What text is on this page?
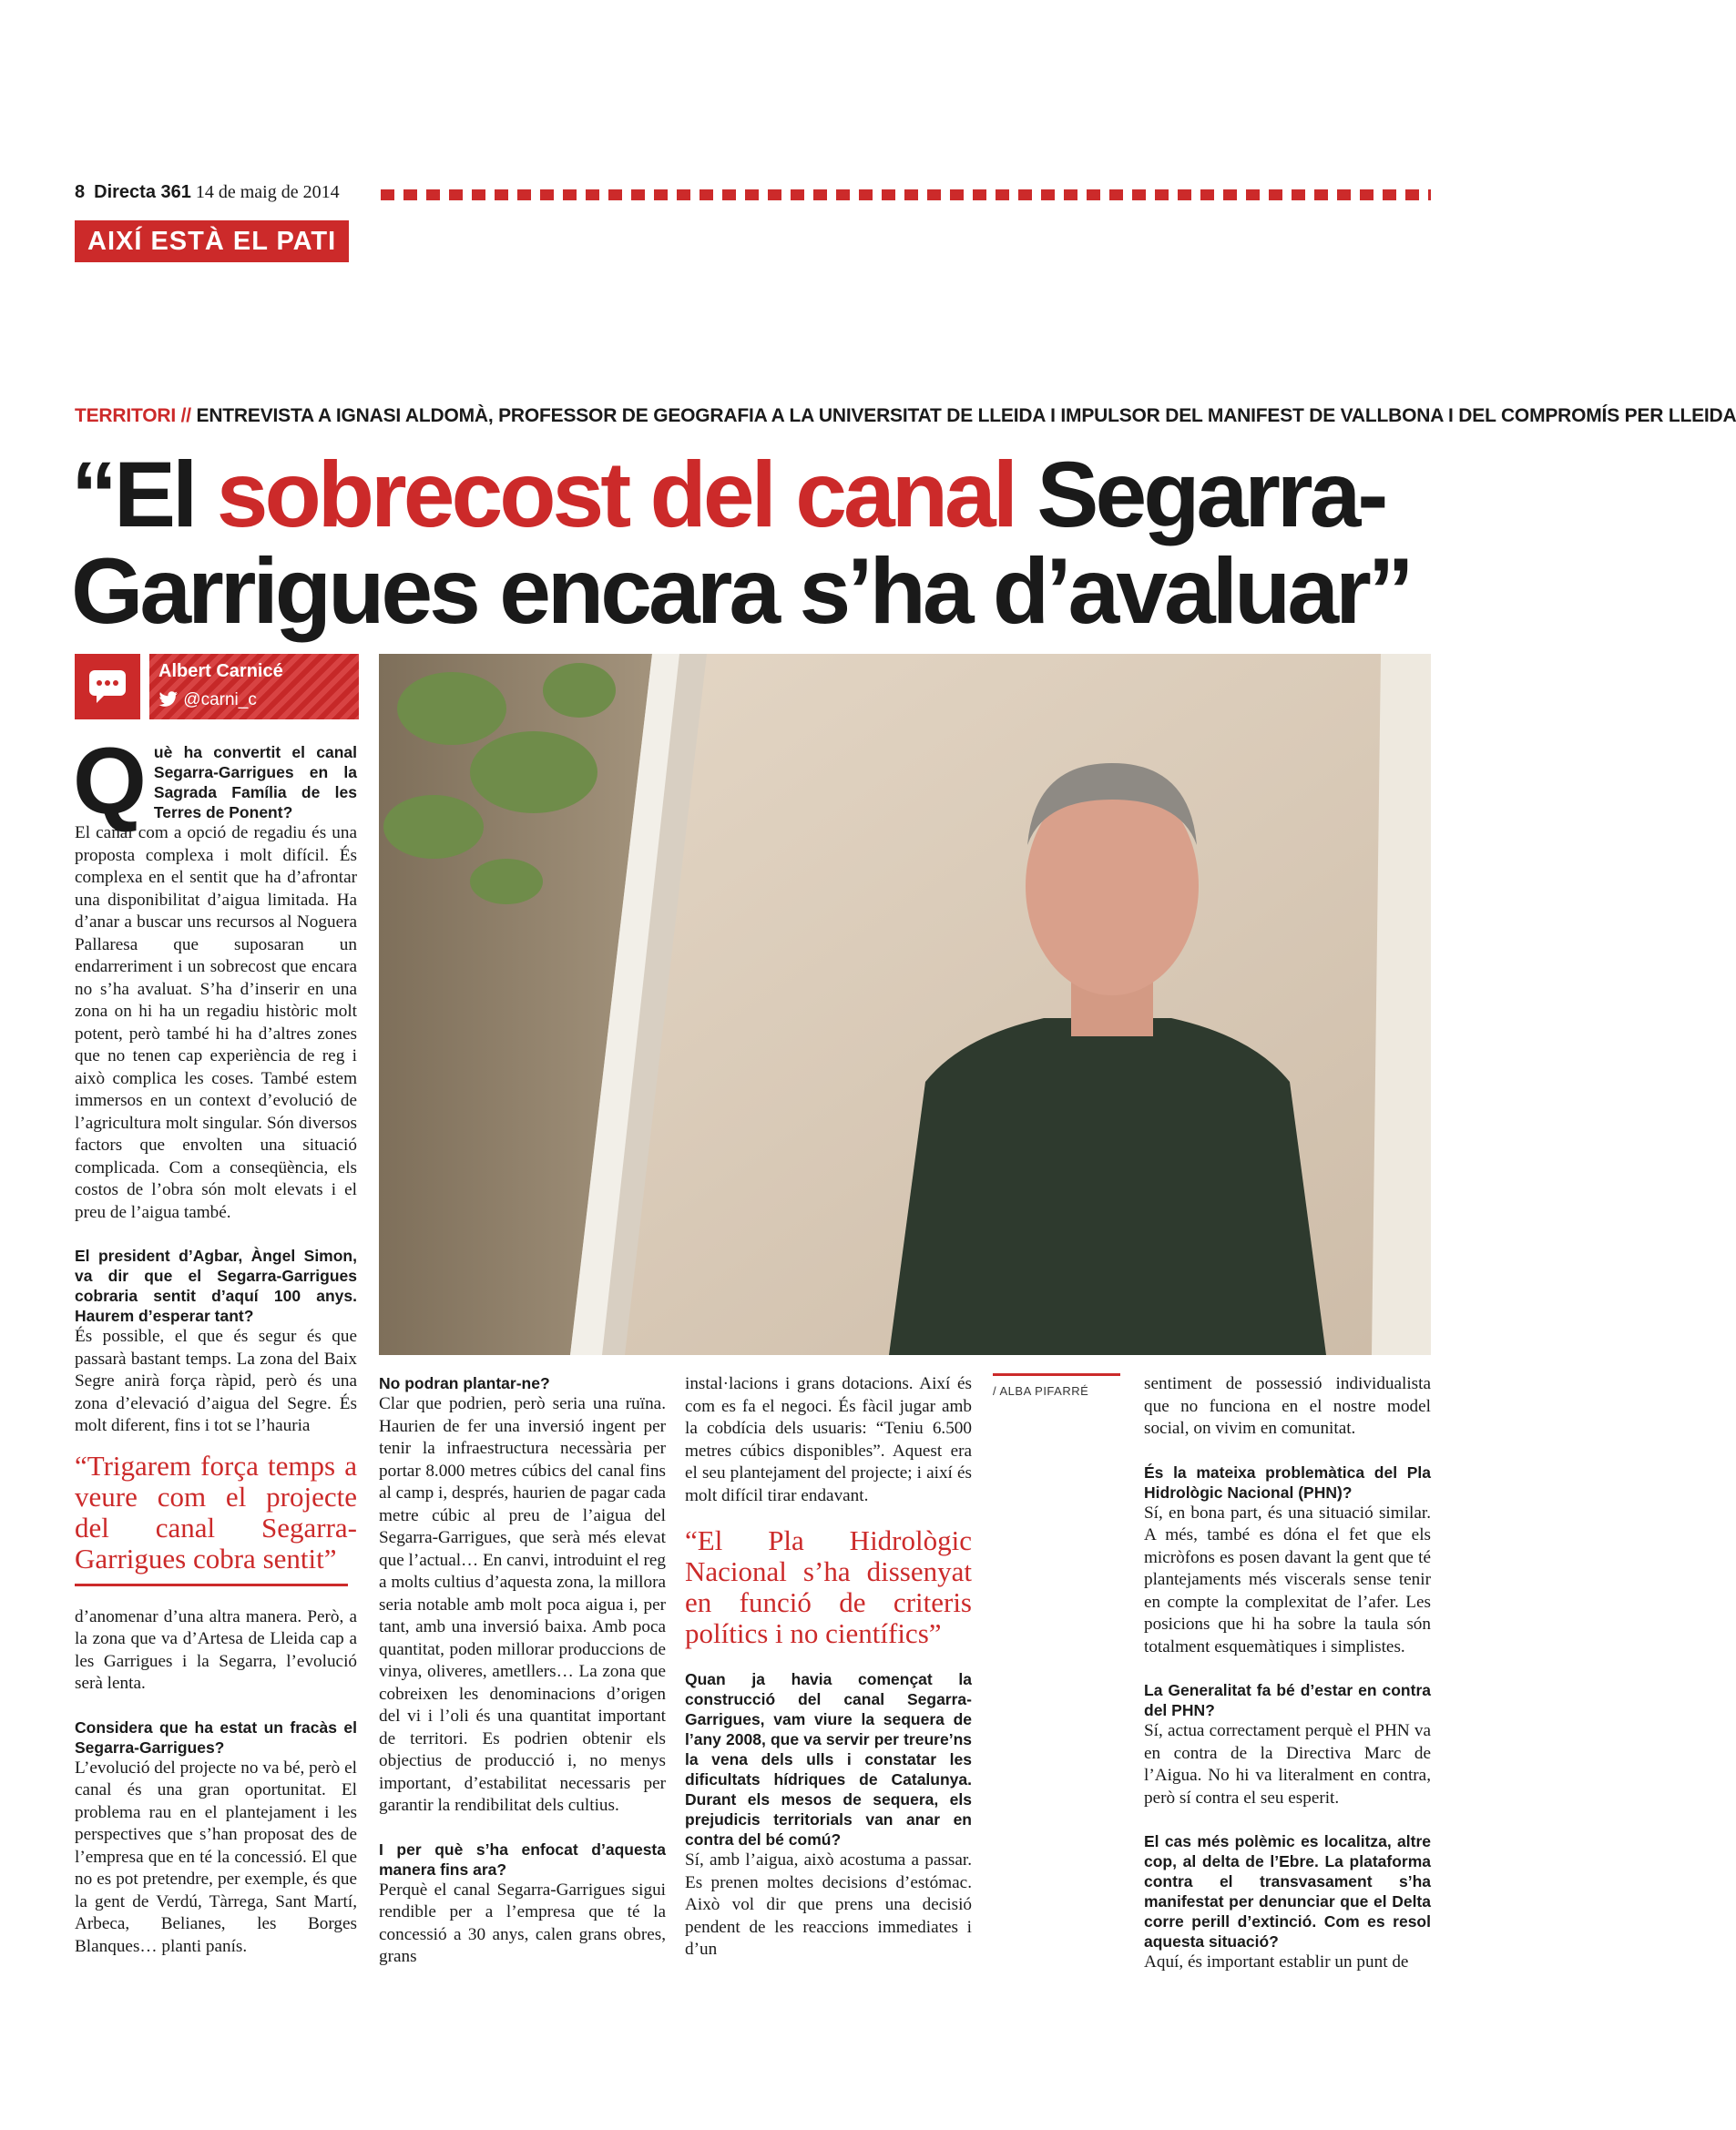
8 Directa 361 14 de maig de 2014
AIXÍ ESTÀ EL PATI
TERRITORI // ENTREVISTA A IGNASI ALDOMÀ, PROFESSOR DE GEOGRAFIA A LA UNIVERSITAT DE LLEIDA I IMPULSOR DEL MANIFEST DE VALLBONA I DEL COMPROMÍS PER LLEIDA
“El sobrecost del canal Segarra-Garrigues encara s’ha d’avaluar”
Albert Carnicé
@carni_c
/ ALBA PIFARRÉ
Què ha convertit el canal Segarra-Garrigues en la Sagrada Família de les Terres de Ponent?

El canal com a opció de regadiu és una proposta complexa i molt difícil. És complexa en el sentit que ha d’afrontar una disponibilitat d’aigua limitada. Ha d’anar a buscar uns recursos al Noguera Pallaresa que suposaran un endarreriment i un sobrecost que encara no s’ha avaluat. S’ha d’inserir en una zona on hi ha un regadiu històric molt potent, però també hi ha d’altres zones que no tenen cap experiència de reg i això complica les coses. També estem immersos en un context d’evolució de l’agricultura molt singular. Són diversos factors que envolten una situació complicada. Com a conseqüència, els costos de l’obra són molt elevats i el preu de l’aigua també.

El president d’Agbar, Àngel Simon, va dir que el Segarra-Garrigues cobraria sentit d’aquí 100 anys. Haurem d’esperar tant?

És possible, el que és segur és que passarà bastant temps. La zona del Baix Segre anirà força ràpid, però és una zona d’elevació d’aigua del Segre. És molt diferent, fins i tot se l’hauria

“Trigarem força temps a veure com el projecte del canal Segarra-Garrigues cobra sentit”

d’anomenar d’una altra manera. Però, a la zona que va d’Artesa de Lleida cap a les Garrigues i la Segarra, l’evolució serà lenta.

Considera que ha estat un fracàs el Segarra-Garrigues?

L’evolució del projecte no va bé, però el canal és una gran oportunitat. El problema rau en el plantejament i les perspectives que s’han proposat des de l’empresa que en té la concessió. El que no es pot pretendre, per exemple, és que la gent de Verdú, Tàrrega, Sant Martí, Arbeca, Belianes, les Borges Blanques… planti panís.

No podran plantar-ne?

Clar que podrien, però seria una ruïna. Haurien de fer una inversió ingent per tenir la infraestructura necessària per portar 8.000 metres cúbics del canal fins al camp i, després, haurien de pagar cada metre cúbic al preu de l’aigua del Segarra-Garrigues, que serà més elevat que l’actual… En canvi, introduint el reg a molts cultius d’aquesta zona, la millora seria notable amb molt poca aigua i, per tant, amb una inversió baixa. Amb poca quantitat, poden millorar produccions de vinya, oliveres, ametllers… La zona que cobreixen les denominacions d’origen del vi i l’oli és una quantitat important de territori. Es podrien obtenir els objectius de producció i, no menys important, d’estabilitat necessaris per garantir la rendibilitat dels cultius.

I per què s’ha enfocat d’aquesta manera fins ara?

Perquè el canal Segarra-Garrigues sigui rendible per a l’empresa que té la concessió a 30 anys, calen grans obres, grans

instal·lacions i grans dotacions. Així és com es fa el negoci. És fàcil jugar amb la cobdícia dels usuaris: “Teniu 6.500 metres cúbics disponibles”. Aquest era el seu plantejament del projecte; i així és molt difícil tirar endavant.

“El Pla Hidrològic Nacional s’ha dissenyat en funció de criteris polítics i no científics”
Quan ja havia començat la construcció del canal Segarra-Garrigues, vam viure la sequera de l’any 2008, que va servir per treure’ns la vena dels ulls i constatar les dificultats hídriques de Catalunya. Durant els mesos de sequera, els prejudicis territorials van anar en contra del bé comú?

Sí, amb l’aigua, això acostuma a passar. Es prenen moltes decisions d’estómac. Això vol dir que prens una decisió pendent de les reaccions immediates i d’un

sentiment de possessió individualista que no funciona en el nostre model social, on vivim en comunitat.

És la mateixa problemàtica del Pla Hidrològic Nacional (PHN)?

Sí, en bona part, és una situació similar. A més, també es dóna el fet que els micròfons es posen davant la gent que té plantejaments més viscerals sense tenir en compte la complexitat de l’afer. Les posicions que hi ha sobre la taula són totalment esquemàtiques i simplistes.

La Generalitat fa bé d’estar en contra del PHN?

Sí, actua correctament perquè el PHN va en contra de la Directiva Marc de l’Aigua. No hi va literalment en contra, però sí contra el seu esperit.

El cas més polèmic es localitza, altre cop, al delta de l’Ebre. La plataforma contra el transvasament s’ha manifestat per denunciar que el Delta corre perill d’extinció. Com es resol aquesta situació?

Aquí, és important establir un punt de
